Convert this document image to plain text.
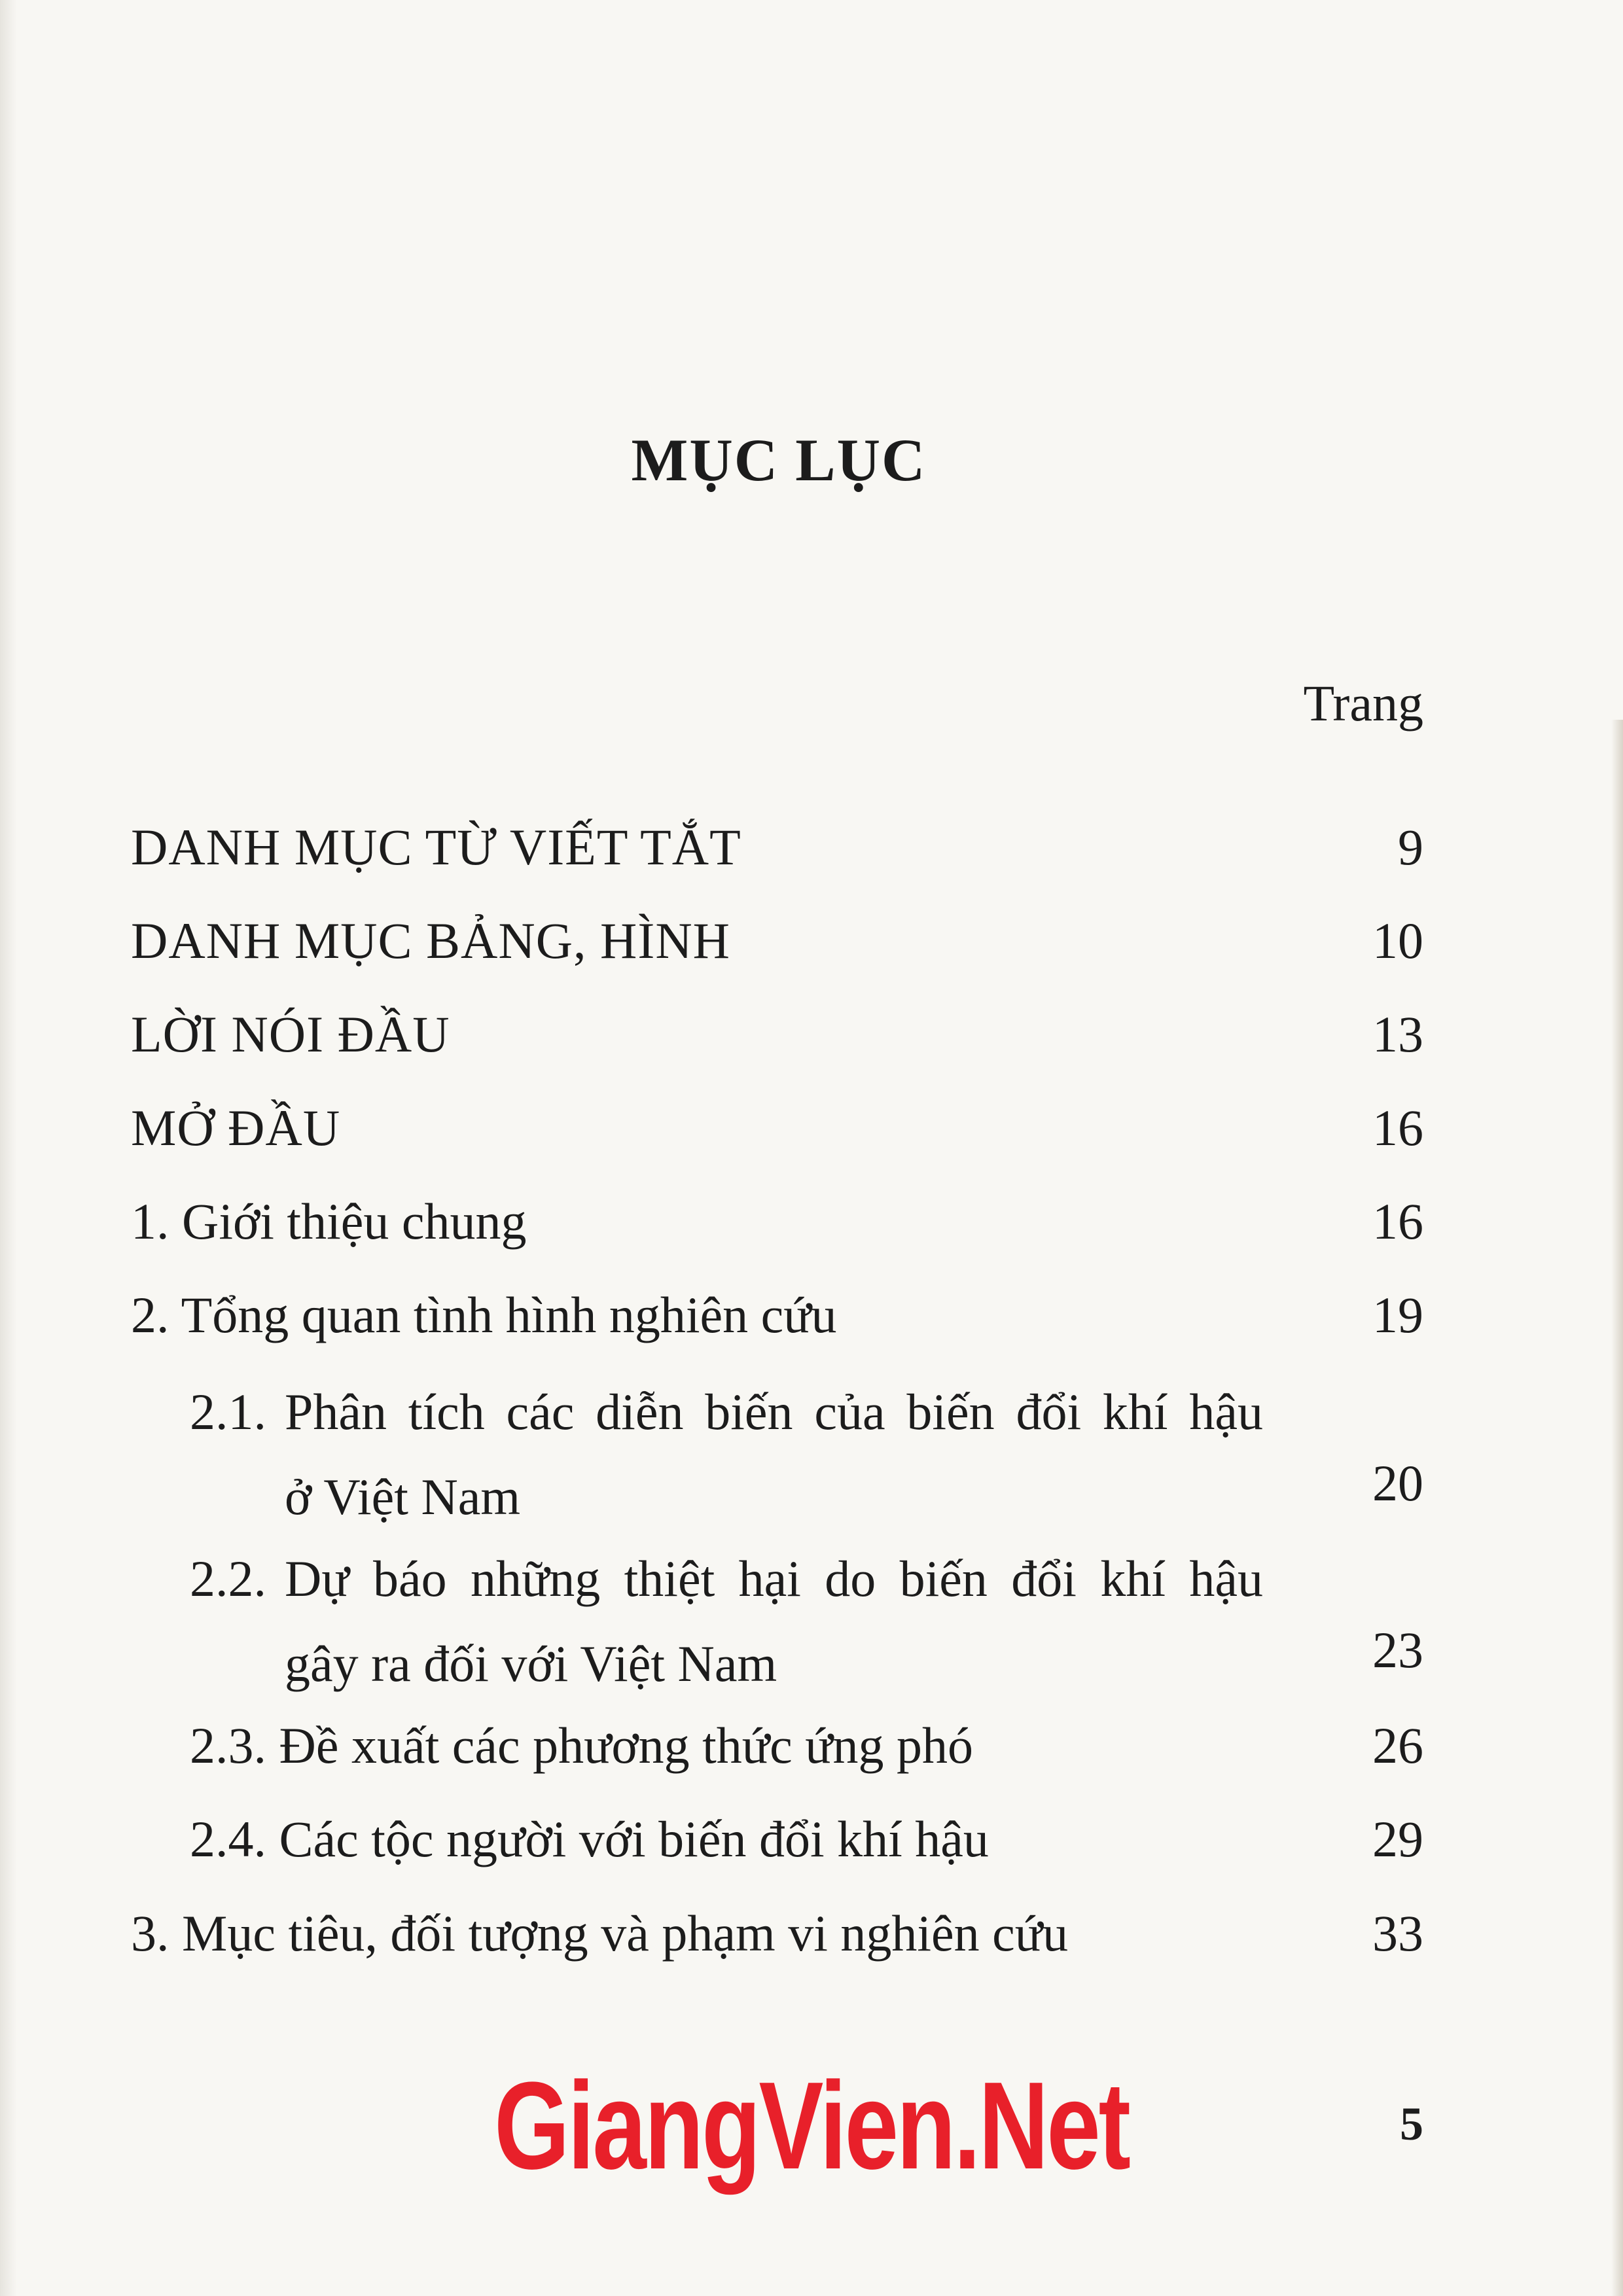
MỤC LỤC
Trang
DANH MỤC TỪ VIẾT TẮT	9
DANH MỤC BẢNG, HÌNH	10
LỜI NÓI ĐẦU	13
MỞ ĐẦU	16
1. Giới thiệu chung	16
2. Tổng quan tình hình nghiên cứu	19
2.1. Phân tích các diễn biến của biến đổi khí hậu
ở Việt Nam	20
2.2. Dự báo những thiệt hại do biến đổi khí hậu
gây ra đối với Việt Nam	23
2.3. Đề xuất các phương thức ứng phó	26
2.4. Các tộc người với biến đổi khí hậu	29
3. Mục tiêu, đối tượng và phạm vi nghiên cứu	33
GiangVien.Net	5
